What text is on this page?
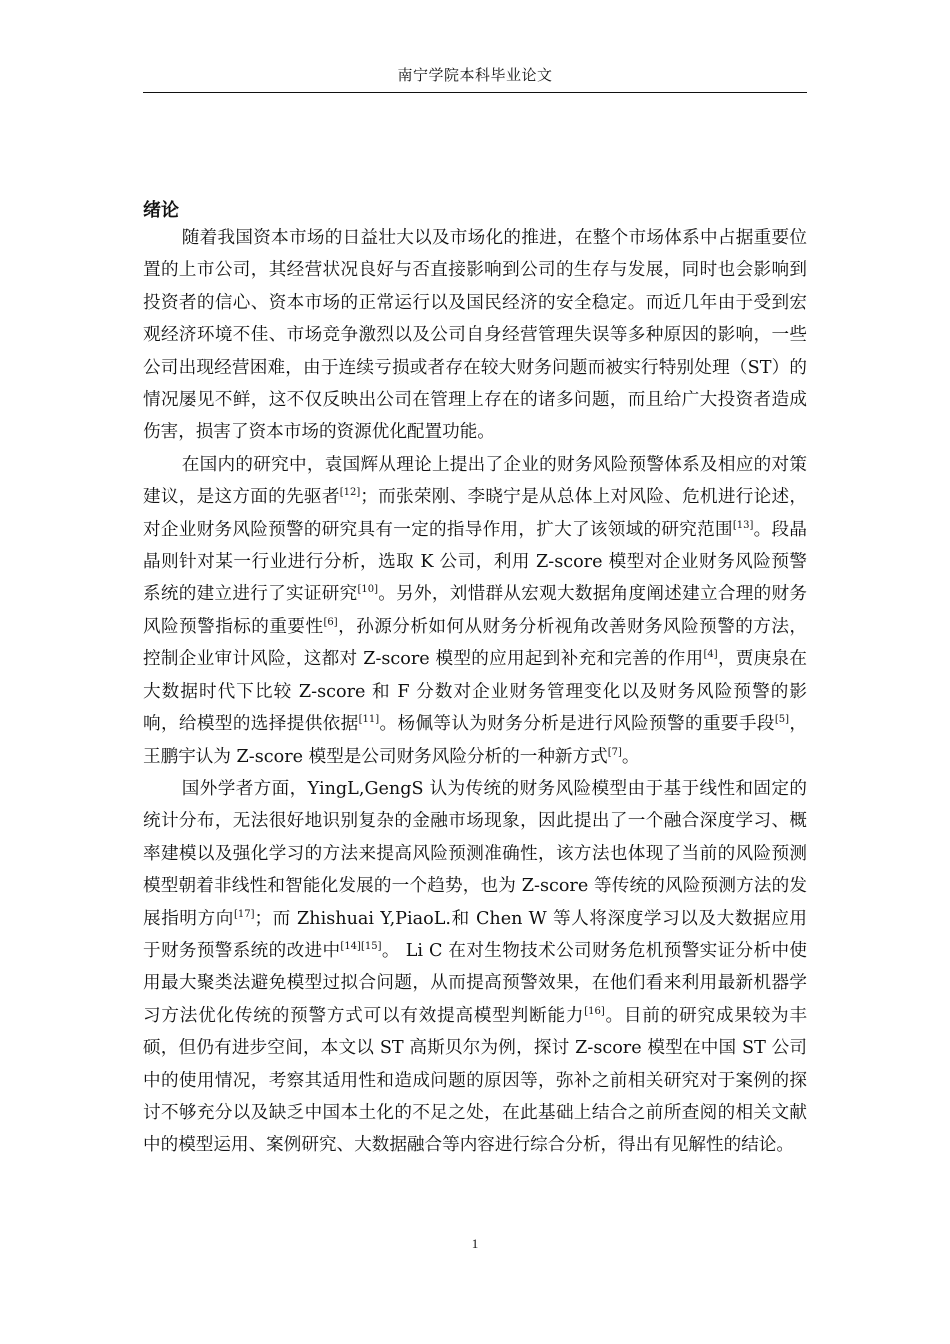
南宁学院本科毕业论文
绪论

随着我国资本市场的日益壮大以及市场化的推进，在整个市场体系中占据重要位置的上市公司，其经营状况良好与否直接影响到公司的生存与发展，同时也会影响到投资者的信心、资本市场的正常运行以及国民经济的安全稳定。而近几年由于受到宏观经济环境不佳、市场竞争激烈以及公司自身经营管理失误等多种原因的影响，一些公司出现经营困难，由于连续亏损或者存在较大财务问题而被实行特别处理（ST）的情况屡见不鲜，这不仅反映出公司在管理上存在的诸多问题，而且给广大投资者造成伤害，损害了资本市场的资源优化配置功能。

在国内的研究中，袁国辉从理论上提出了企业的财务风险预警体系及相应的对策建议，是这方面的先驱者[12]；而张荣刚、李晓宁是从总体上对风险、危机进行论述，对企业财务风险预警的研究具有一定的指导作用，扩大了该领域的研究范围[13]。段晶晶则针对某一行业进行分析，选取 K 公司，利用 Z-score 模型对企业财务风险预警系统的建立进行了实证研究[10]。另外，刘惜群从宏观大数据角度阐述建立合理的财务风险预警指标的重要性[6]，孙源分析如何从财务分析视角改善财务风险预警的方法，控制企业审计风险，这都对 Z-score 模型的应用起到补充和完善的作用[4]，贾庚泉在大数据时代下比较 Z-score 和 F 分数对企业财务管理变化以及财务风险预警的影响，给模型的选择提供依据[11]。杨佩等认为财务分析是进行风险预警的重要手段[5]，王鹏宇认为 Z-score 模型是公司财务风险分析的一种新方式[7]。

国外学者方面，YingL,GengS 认为传统的财务风险模型由于基于线性和固定的统计分布，无法很好地识别复杂的金融市场现象，因此提出了一个融合深度学习、概率建模以及强化学习的方法来提高风险预测准确性，该方法也体现了当前的风险预测模型朝着非线性和智能化发展的一个趋势，也为 Z-score 等传统的风险预测方法的发展指明方向[17]；而 Zhishuai Y,PiaoL.和 Chen W 等人将深度学习以及大数据应用于财务预警系统的改进中[14][15]。 Li C 在对生物技术公司财务危机预警实证分析中使用最大聚类法避免模型过拟合问题，从而提高预警效果，在他们看来利用最新机器学习方法优化传统的预警方式可以有效提高模型判断能力[16]。目前的研究成果较为丰硕，但仍有进步空间，本文以 ST 高斯贝尔为例，探讨 Z-score 模型在中国 ST 公司中的使用情况，考察其适用性和造成问题的原因等，弥补之前相关研究对于案例的探讨不够充分以及缺乏中国本土化的不足之处，在此基础上结合之前所查阅的相关文献中的模型运用、案例研究、大数据融合等内容进行综合分析，得出有见解性的结论。

1
